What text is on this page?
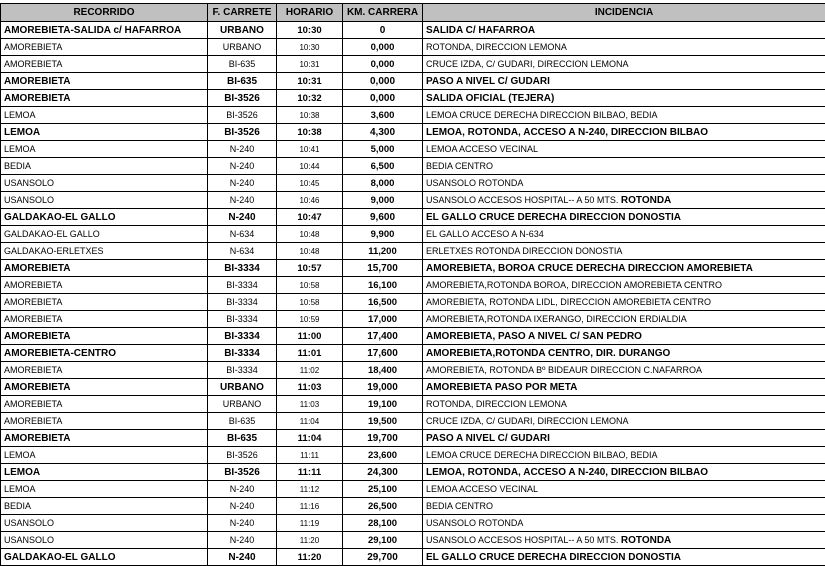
RECORRIDO	F. CARRETE	HORARIO	KM. CARRERA	INCIDENCIA
AMOREBIETA-SALIDA c/ HAFARROA	URBANO	10:30	0	SALIDA C/ HAFARROA
AMOREBIETA	URBANO	10:30	0,000	ROTONDA, DIRECCION LEMONA
AMOREBIETA	BI-635	10:31	0,000	CRUCE IZDA, C/ GUDARI, DIRECCION LEMONA
AMOREBIETA	BI-635	10:31	0,000	PASO A NIVEL C/ GUDARI
AMOREBIETA	BI-3526	10:32	0,000	SALIDA OFICIAL (TEJERA)
LEMOA	BI-3526	10:38	3,600	LEMOA CRUCE DERECHA DIRECCION BILBAO, BEDIA
LEMOA	BI-3526	10:38	4,300	LEMOA, ROTONDA, ACCESO A N-240, DIRECCION BILBAO
LEMOA	N-240	10:41	5,000	LEMOA ACCESO VECINAL
BEDIA	N-240	10:44	6,500	BEDIA CENTRO
USANSOLO	N-240	10:45	8,000	USANSOLO ROTONDA
USANSOLO	N-240	10:46	9,000	USANSOLO ACCESOS HOSPITAL-- A 50 MTS. ROTONDA
GALDAKAO-EL GALLO	N-240	10:47	9,600	EL GALLO CRUCE DERECHA DIRECCION DONOSTIA
GALDAKAO-EL GALLO	N-634	10:48	9,900	EL GALLO ACCESO A N-634
GALDAKAO-ERLETXES	N-634	10:48	11,200	ERLETXES ROTONDA DIRECCION DONOSTIA
AMOREBIETA	BI-3334	10:57	15,700	AMOREBIETA, BOROA CRUCE DERECHA DIRECCION AMOREBIETA
AMOREBIETA	BI-3334	10:58	16,100	AMOREBIETA,ROTONDA BOROA, DIRECCION AMOREBIETA CENTRO
AMOREBIETA	BI-3334	10:58	16,500	AMOREBIETA, ROTONDA LIDL, DIRECCION AMOREBIETA CENTRO
AMOREBIETA	BI-3334	10:59	17,000	AMOREBIETA,ROTONDA IXERANGO, DIRECCION ERDIALDIA
AMOREBIETA	BI-3334	11:00	17,400	AMOREBIETA, PASO A NIVEL C/ SAN PEDRO
AMOREBIETA-CENTRO	BI-3334	11:01	17,600	AMOREBIETA,ROTONDA CENTRO, DIR. DURANGO
AMOREBIETA	BI-3334	11:02	18,400	AMOREBIETA, ROTONDA Bº BIDEAUR DIRECCION C.NAFARROA
AMOREBIETA	URBANO	11:03	19,000	AMOREBIETA PASO POR META
AMOREBIETA	URBANO	11:03	19,100	ROTONDA, DIRECCION LEMONA
AMOREBIETA	BI-635	11:04	19,500	CRUCE IZDA, C/ GUDARI, DIRECCION LEMONA
AMOREBIETA	BI-635	11:04	19,700	PASO A NIVEL C/ GUDARI
LEMOA	BI-3526	11:11	23,600	LEMOA CRUCE DERECHA DIRECCION BILBAO, BEDIA
LEMOA	BI-3526	11:11	24,300	LEMOA, ROTONDA, ACCESO A N-240, DIRECCION BILBAO
LEMOA	N-240	11:12	25,100	LEMOA ACCESO VECINAL
BEDIA	N-240	11:16	26,500	BEDIA CENTRO
USANSOLO	N-240	11:19	28,100	USANSOLO ROTONDA
USANSOLO	N-240	11:20	29,100	USANSOLO ACCESOS HOSPITAL-- A 50 MTS. ROTONDA
GALDAKAO-EL GALLO	N-240	11:20	29,700	EL GALLO CRUCE DERECHA DIRECCION DONOSTIA
